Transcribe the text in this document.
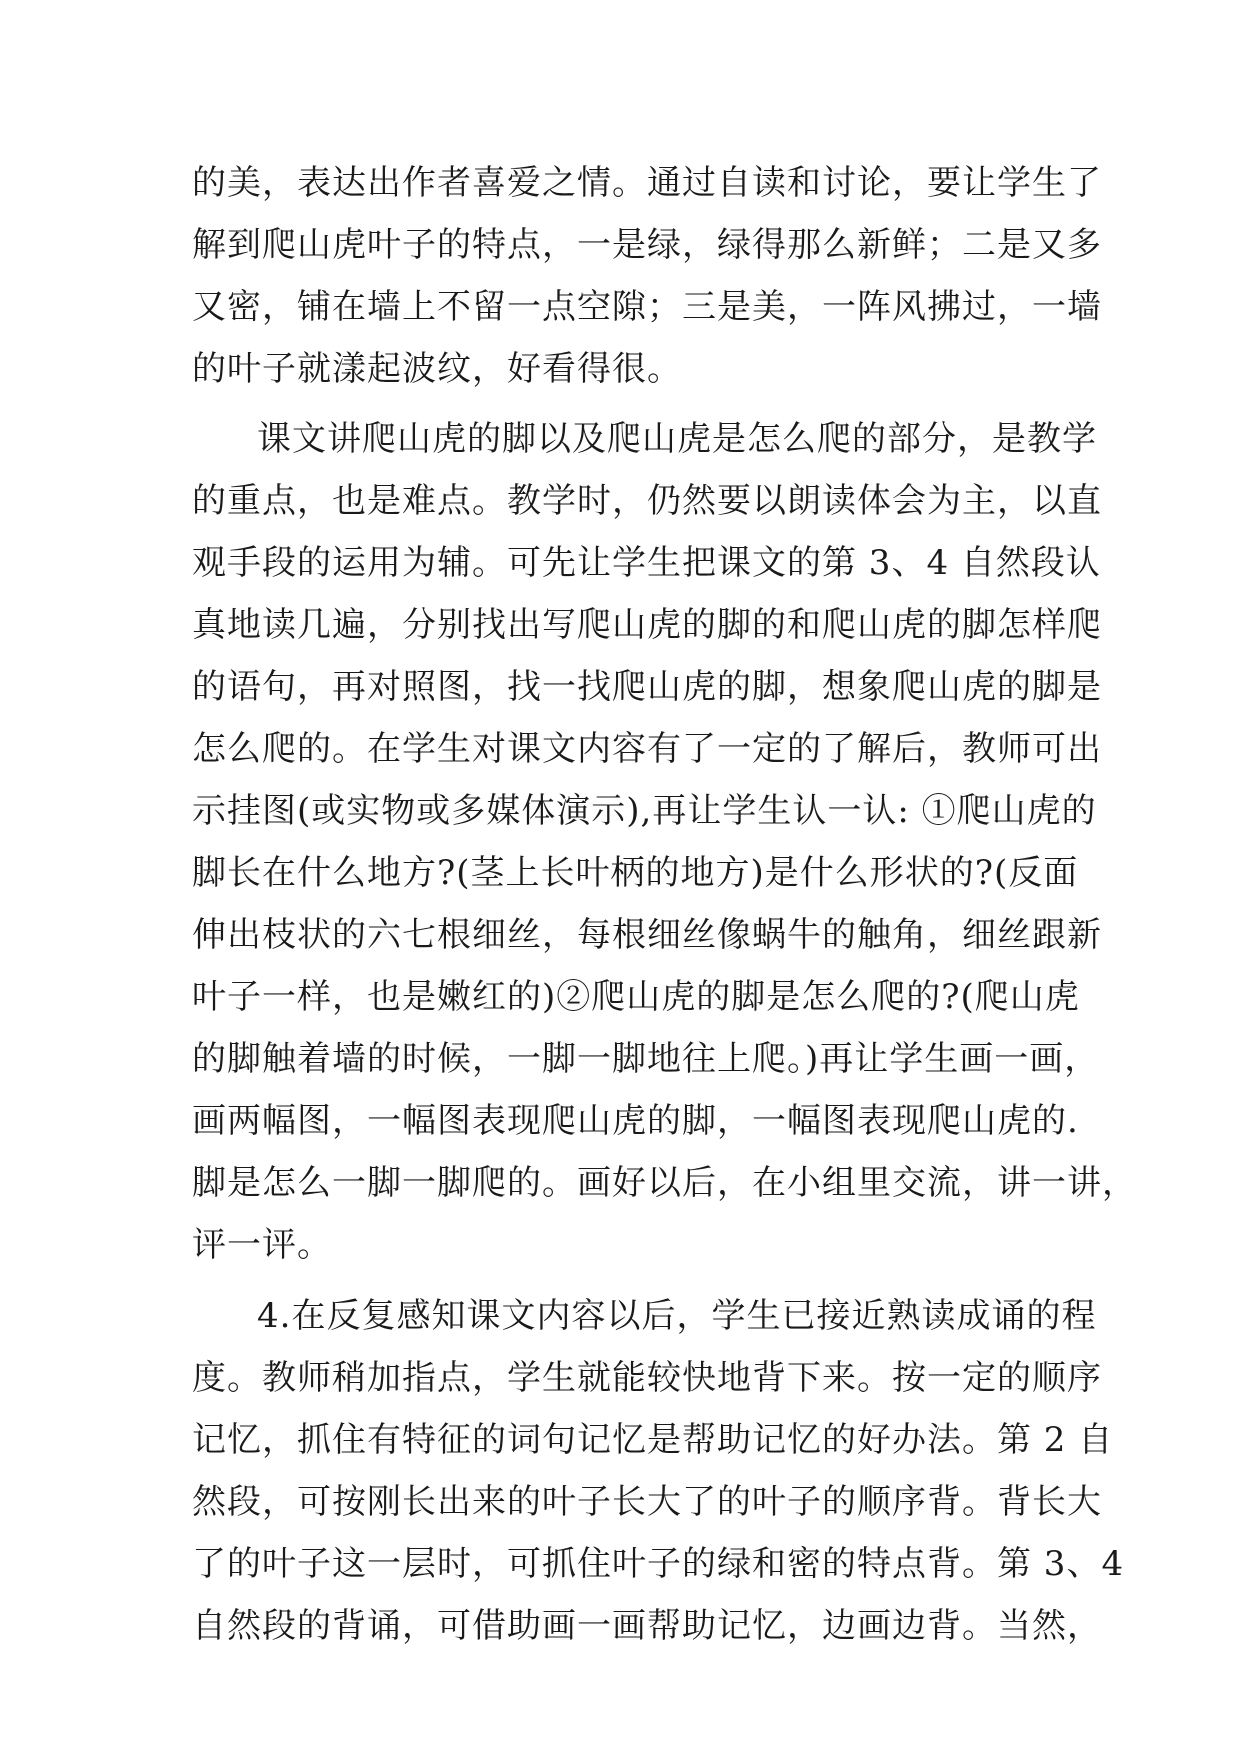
的美，表达出作者喜爱之情。通过自读和讨论，要让学生了
解到爬山虎叶子的特点，一是绿，绿得那么新鲜；二是又多
又密，铺在墙上不留一点空隙；三是美，一阵风拂过，一墙
的叶子就漾起波纹，好看得很。
课文讲爬山虎的脚以及爬山虎是怎么爬的部分，是教学
的重点，也是难点。教学时，仍然要以朗读体会为主，以直
观手段的运用为辅。可先让学生把课文的第 3、4 自然段认
真地读几遍，分别找出写爬山虎的脚的和爬山虎的脚怎样爬
的语句，再对照图，找一找爬山虎的脚，想象爬山虎的脚是
怎么爬的。在学生对课文内容有了一定的了解后，教师可出
示挂图(或实物或多媒体演示),再让学生认一认: ①爬山虎的
脚长在什么地方?(茎上长叶柄的地方)是什么形状的?(反面
伸出枝状的六七根细丝，每根细丝像蜗牛的触角，细丝跟新
叶子一样，也是嫩红的)②爬山虎的脚是怎么爬的?(爬山虎
的脚触着墙的时候，一脚一脚地往上爬。)再让学生画一画，
画两幅图，一幅图表现爬山虎的脚，一幅图表现爬山虎的.
脚是怎么一脚一脚爬的。画好以后，在小组里交流，讲一讲，
评一评。
4.在反复感知课文内容以后，学生已接近熟读成诵的程
度。教师稍加指点，学生就能较快地背下来。按一定的顺序
记忆，抓住有特征的词句记忆是帮助记忆的好办法。第 2 自
然段，可按刚长出来的叶子长大了的叶子的顺序背。背长大
了的叶子这一层时，可抓住叶子的绿和密的特点背。第 3、4
自然段的背诵，可借助画一画帮助记忆，边画边背。当然，
